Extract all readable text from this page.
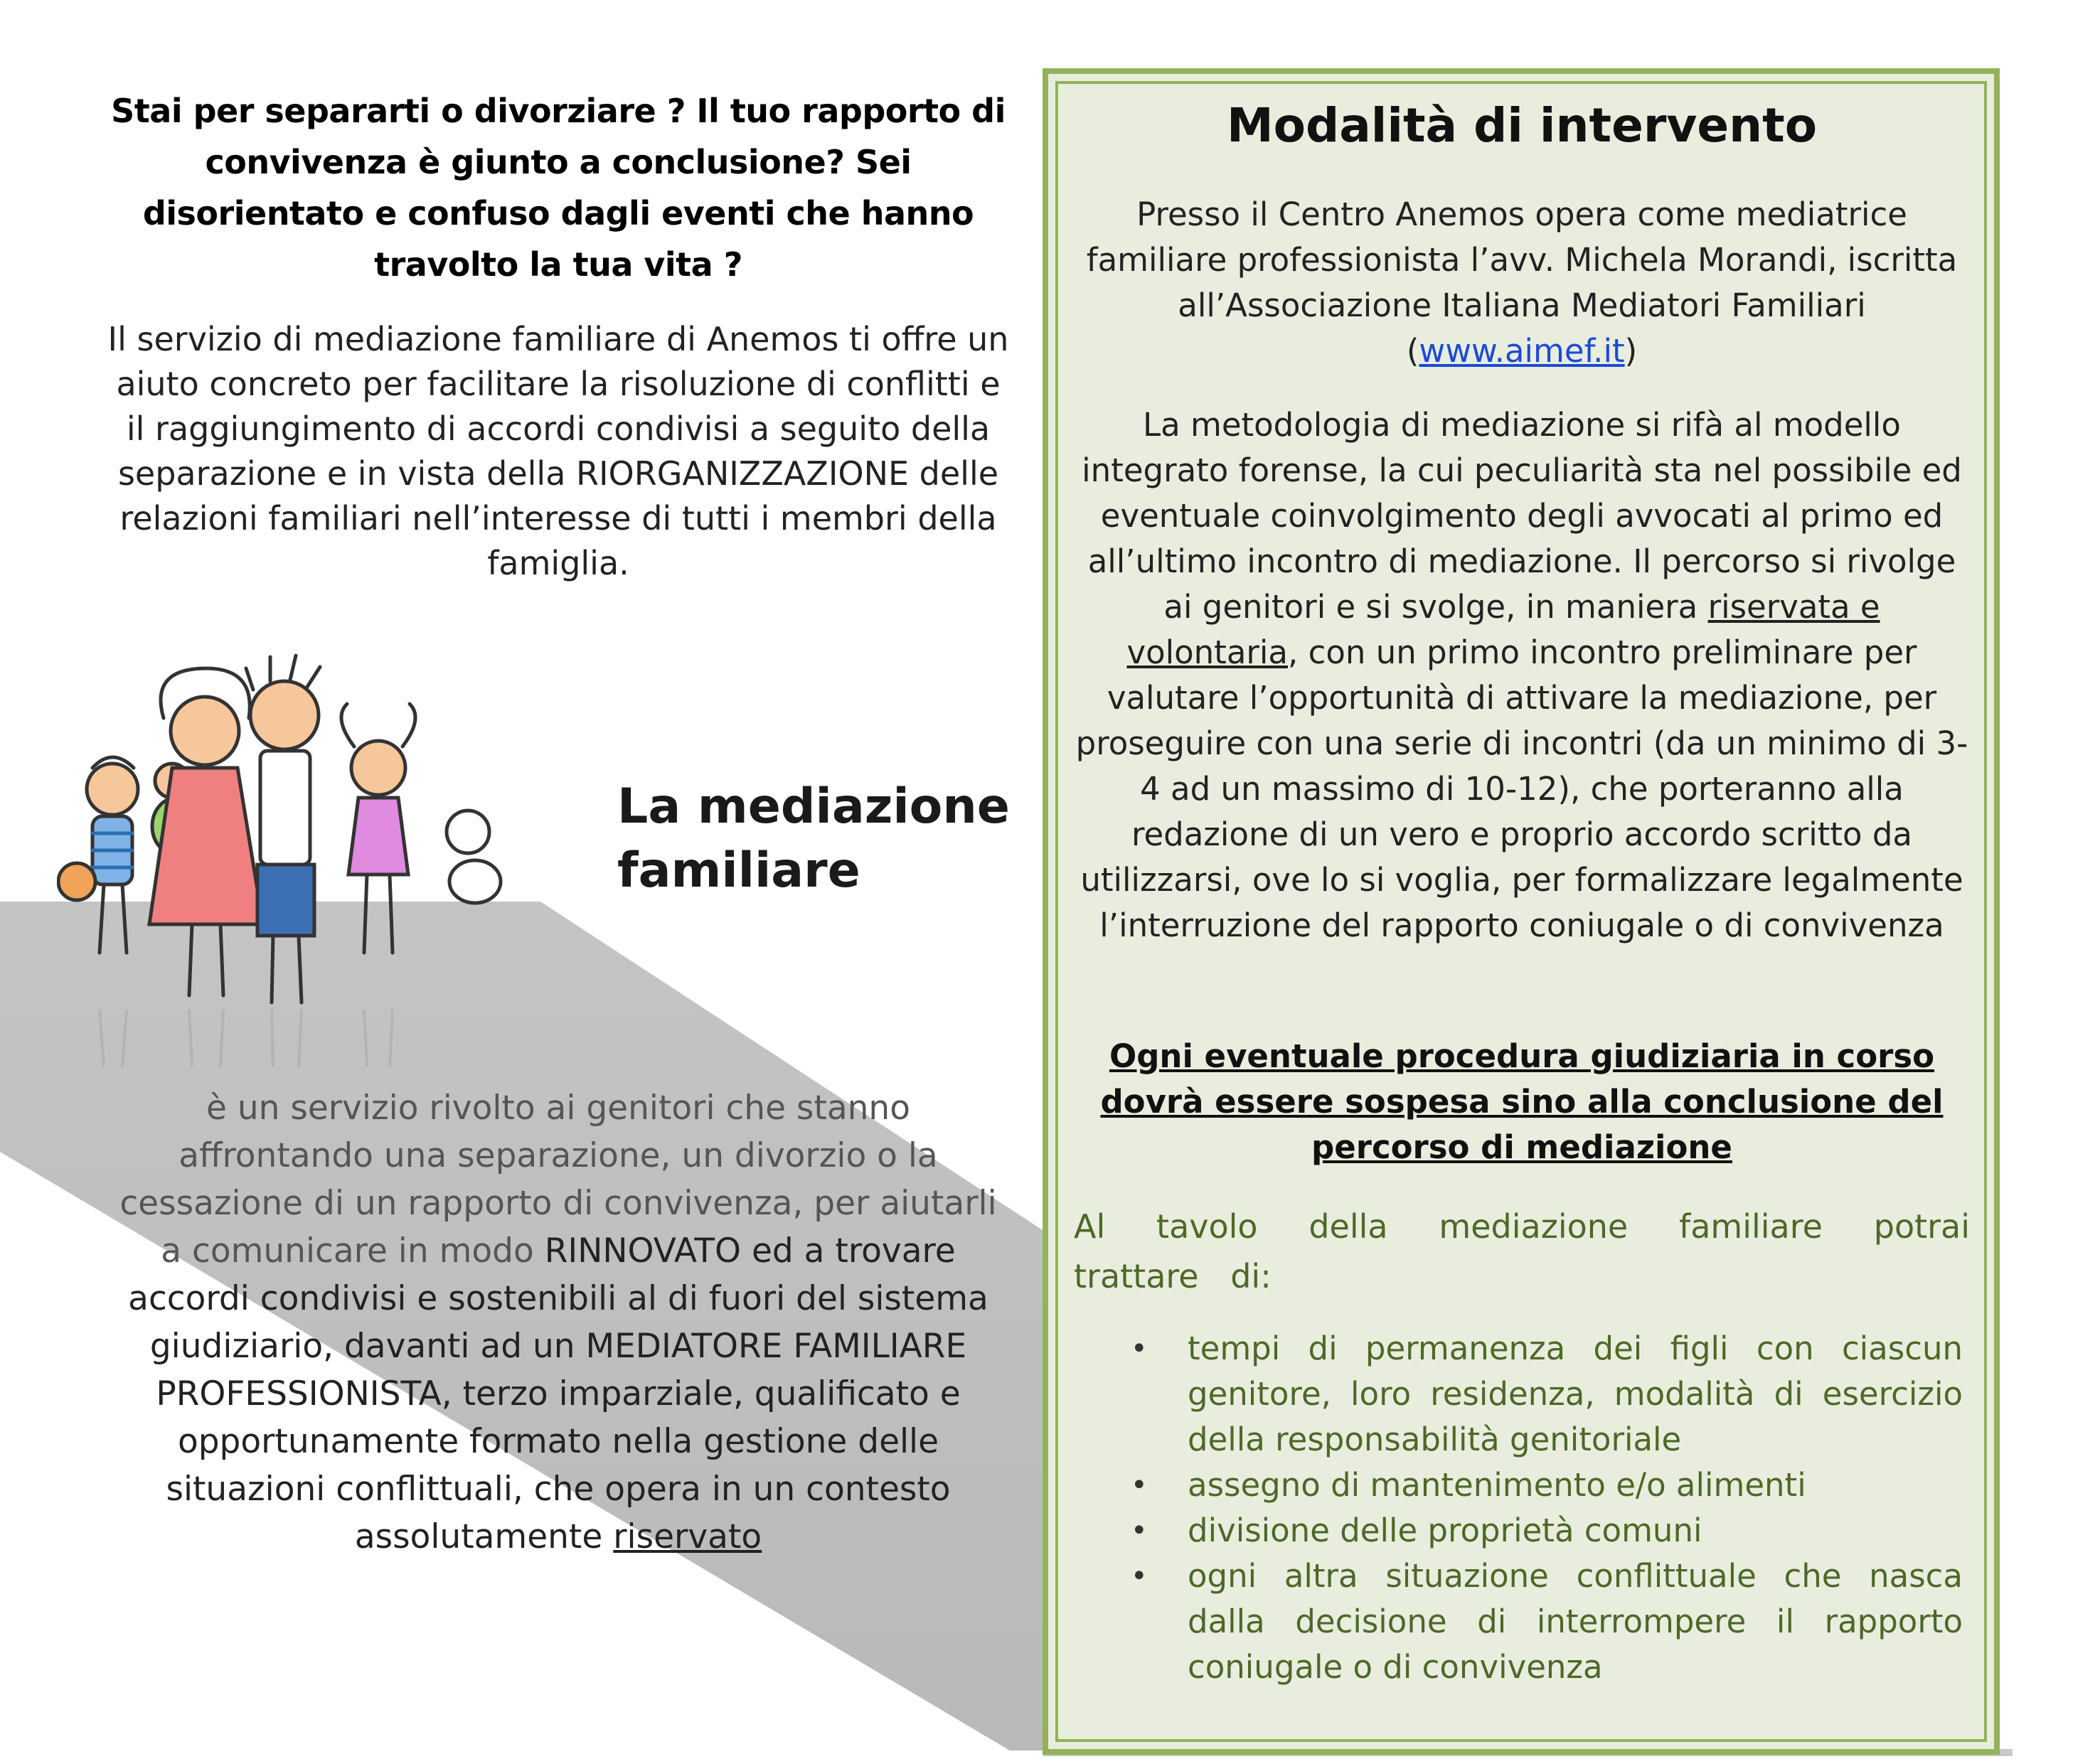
Stai per separarti o divorziare ? Il tuo rapporto di convivenza è giunto a conclusione? Sei disorientato e confuso dagli eventi che hanno travolto la tua vita ?

Il servizio di mediazione familiare di Anemos ti offre un aiuto concreto per facilitare la risoluzione di conflitti e il raggiungimento di accordi condivisi a seguito della separazione e in vista della RIORGANIZZAZIONE delle relazioni familiari nell’interesse di tutti i membri della famiglia.

La mediazione familiare

è un servizio rivolto ai genitori che stanno affrontando una separazione, un divorzio o la cessazione di un rapporto di convivenza, per aiutarli a comunicare in modo RINNOVATO ed a trovare accordi condivisi e sostenibili al di fuori del sistema giudiziario, davanti ad un MEDIATORE FAMILIARE PROFESSIONISTA, terzo imparziale, qualificato e opportunamente formato nella gestione delle situazioni conflittuali, che opera in un contesto assolutamente riservato

Modalità di intervento

Presso il Centro Anemos opera come mediatrice familiare professionista l’avv. Michela Morandi, iscritta all’Associazione Italiana Mediatori Familiari (www.aimef.it)

La metodologia di mediazione si rifà al modello integrato forense, la cui peculiarità sta nel possibile ed eventuale coinvolgimento degli avvocati al primo ed all’ultimo incontro di mediazione. Il percorso si rivolge ai genitori e si svolge, in maniera riservata e volontaria, con un primo incontro preliminare per valutare l’opportunità di attivare la mediazione, per proseguire con una serie di incontri (da un minimo di 3-4 ad un massimo di 10-12), che porteranno alla redazione di un vero e proprio accordo scritto da utilizzarsi, ove lo si voglia, per formalizzare legalmente l’interruzione del rapporto coniugale o di convivenza

Ogni eventuale procedura giudiziaria in corso dovrà essere sospesa sino alla conclusione del percorso di mediazione

Al tavolo della mediazione familiare potrai trattare di:

• tempi di permanenza dei figli con ciascun genitore, loro residenza, modalità di esercizio della responsabilità genitoriale
• assegno di mantenimento e/o alimenti
• divisione delle proprietà comuni
• ogni altra situazione conflittuale che nasca dalla decisione di interrompere il rapporto coniugale o di convivenza
